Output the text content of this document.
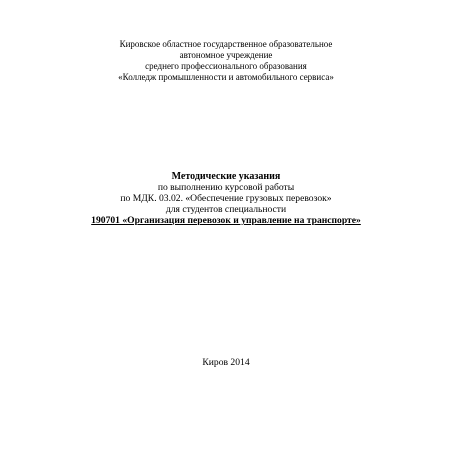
Кировское областное государственное образовательное
автономное учреждение
среднего профессионального образования
«Колледж промышленности и автомобильного сервиса»
Методические указания
по выполнению курсовой работы
по МДК. 03.02. «Обеспечение грузовых перевозок»
для студентов специальности
190701 «Организация перевозок и управление на транспорте»
Киров 2014
